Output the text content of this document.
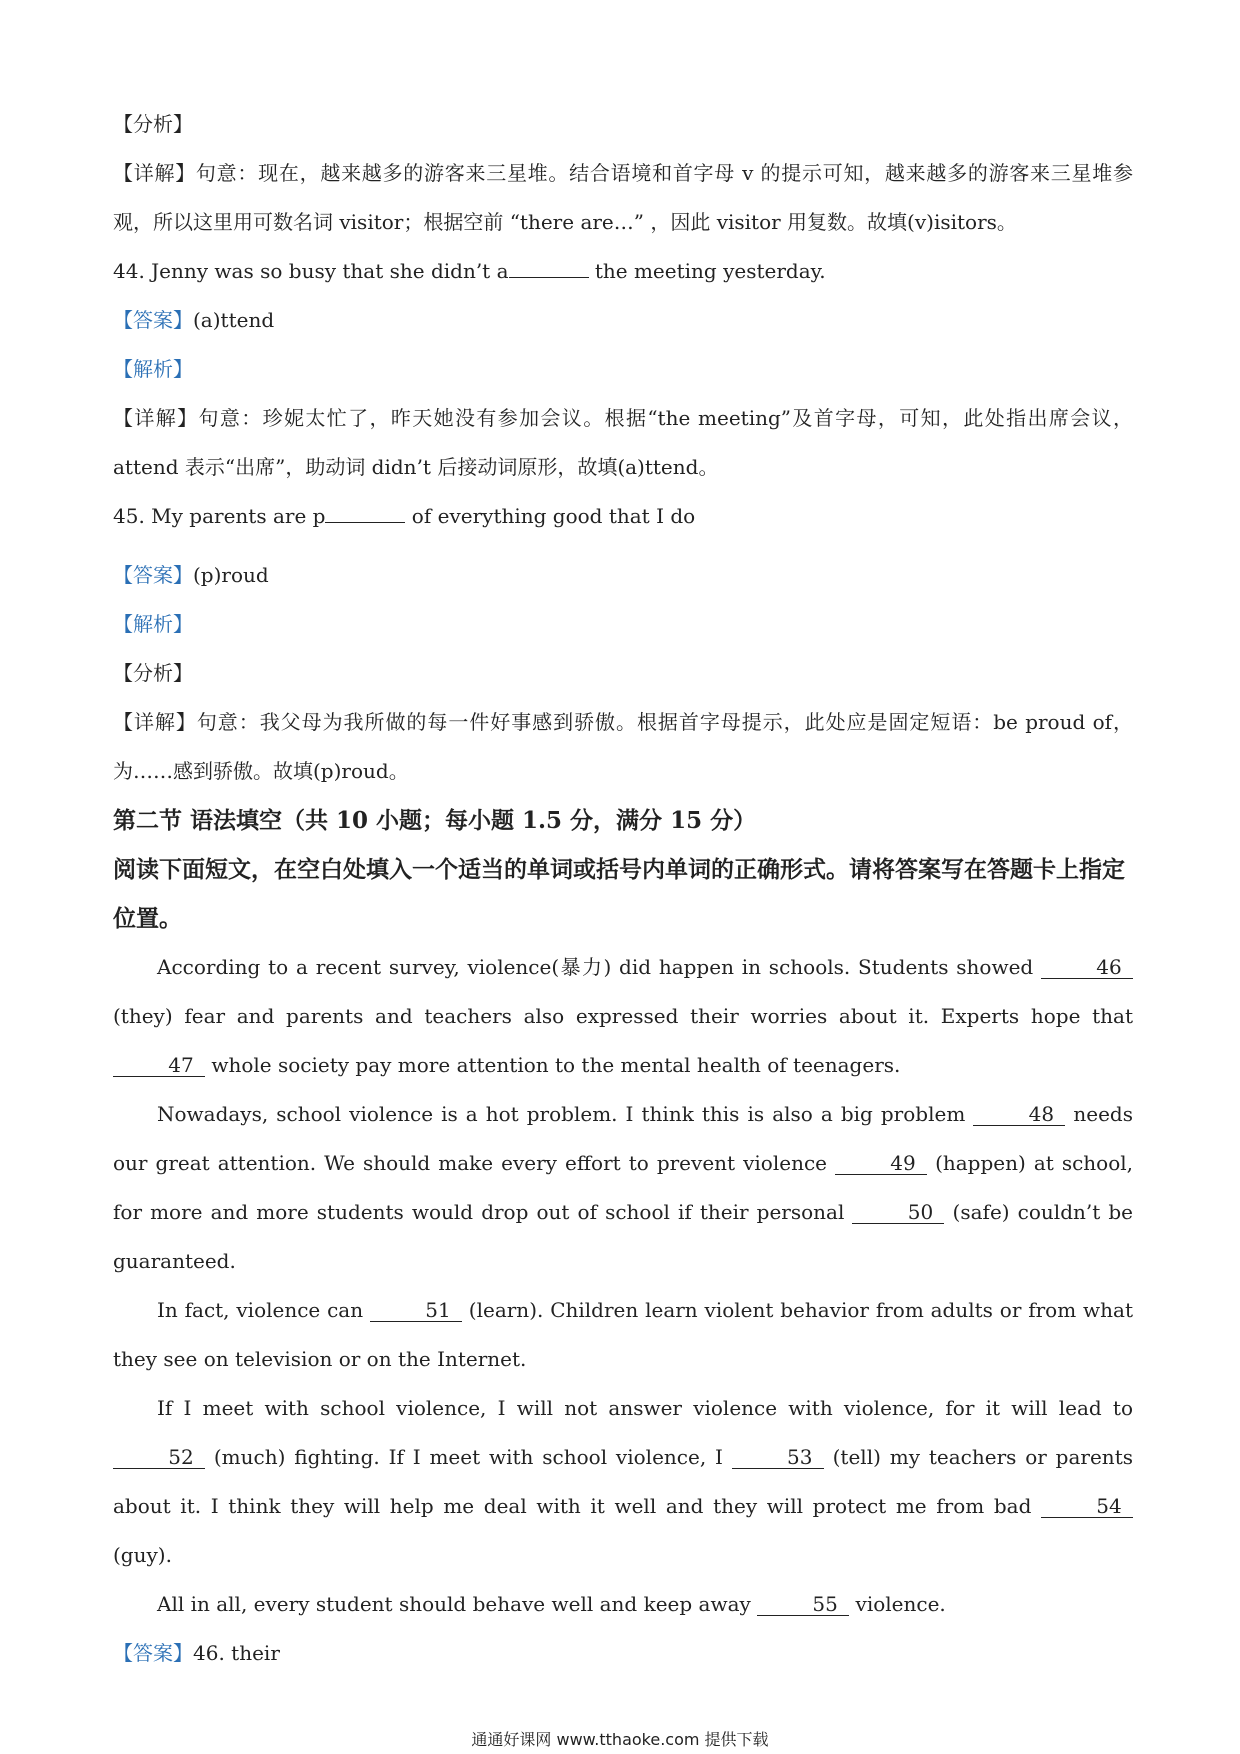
【分析】
【详解】句意：现在，越来越多的游客来三星堆。结合语境和首字母 v 的提示可知，越来越多的游客来三星堆参观，所以这里用可数名词 visitor；根据空前 “there are…” ，因此 visitor 用复数。故填(v)isitors。
44. Jenny was so busy that she didn’t a	the meeting yesterday.
【答案】(a)ttend
【解析】
【详解】句意：珍妮太忙了，昨天她没有参加会议。根据“the meeting”及首字母，可知，此处指出席会议，attend 表示“出席”，助动词 didn’t 后接动词原形，故填(a)ttend。
45. My parents are p	of everything good that I do
【答案】(p)roud
【解析】
【分析】
【详解】句意：我父母为我所做的每一件好事感到骄傲。根据首字母提示，此处应是固定短语：be proud of，为……感到骄傲。故填(p)roud。
第二节 语法填空（共 10 小题；每小题 1.5 分，满分 15 分）
阅读下面短文，在空白处填入一个适当的单词或括号内单词的正确形式。请将答案写在答题卡上指定位置。
According to a recent survey, violence(暴力) did happen in schools. Students showed	46 (they) fear and parents and teachers also expressed their worries about it. Experts hope that 47 whole society pay more attention to the mental health of teenagers.
Nowadays, school violence is a hot problem. I think this is also a big problem	48 needs our great attention. We should make every effort to prevent violence	49 (happen) at school, for more and more students would drop out of school if their personal	50 (safe) couldn’t be guaranteed.
In fact, violence can	51 (learn). Children learn violent behavior from adults or from what they see on television or on the Internet.
If I meet with school violence, I will not answer violence with violence, for it will lead to 52 (much) fighting. If I meet with school violence, I	53 (tell) my teachers or parents about it. I think they will help me deal with it well and they will protect me from bad	54 (guy).
All in all, every student should behave well and keep away	55 violence.
【答案】46. their
通通好课网 www.tthaoke.com 提供下载
